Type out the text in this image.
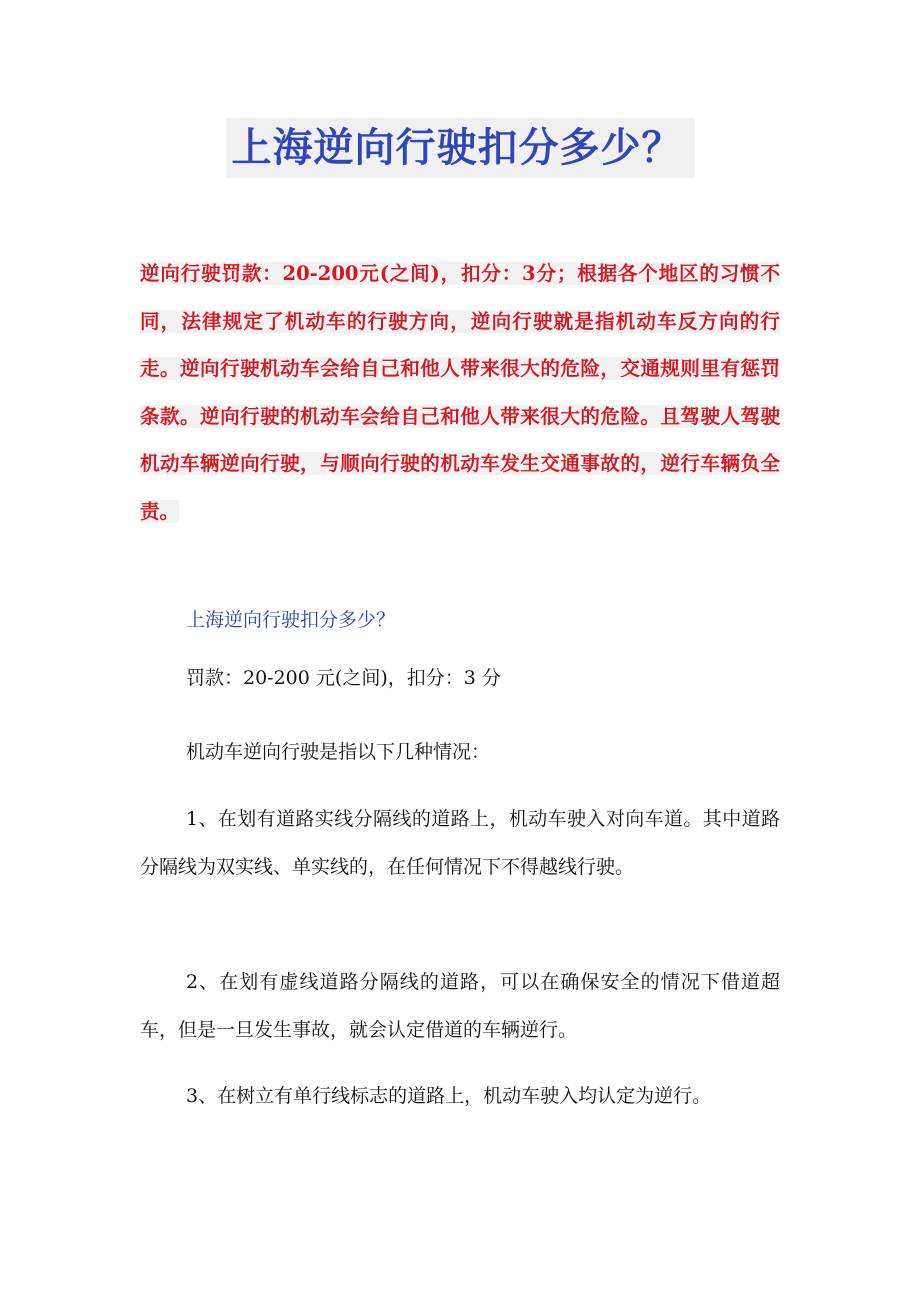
上海逆向行驶扣分多少？
逆向行驶罚款：20-200元(之间)，扣分：3分；根据各个地区的习惯不同，法律规定了机动车的行驶方向，逆向行驶就是指机动车反方向的行走。逆向行驶机动车会给自己和他人带来很大的危险，交通规则里有惩罚条款。逆向行驶的机动车会给自己和他人带来很大的危险。且驾驶人驾驶机动车辆逆向行驶，与顺向行驶的机动车发生交通事故的，逆行车辆负全责。
上海逆向行驶扣分多少？
罚款：20-200 元(之间)，扣分：3 分
机动车逆向行驶是指以下几种情况：
1、在划有道路实线分隔线的道路上，机动车驶入对向车道。其中道路分隔线为双实线、单实线的，在任何情况下不得越线行驶。
2、在划有虚线道路分隔线的道路，可以在确保安全的情况下借道超车，但是一旦发生事故，就会认定借道的车辆逆行。
3、在树立有单行线标志的道路上，机动车驶入均认定为逆行。
